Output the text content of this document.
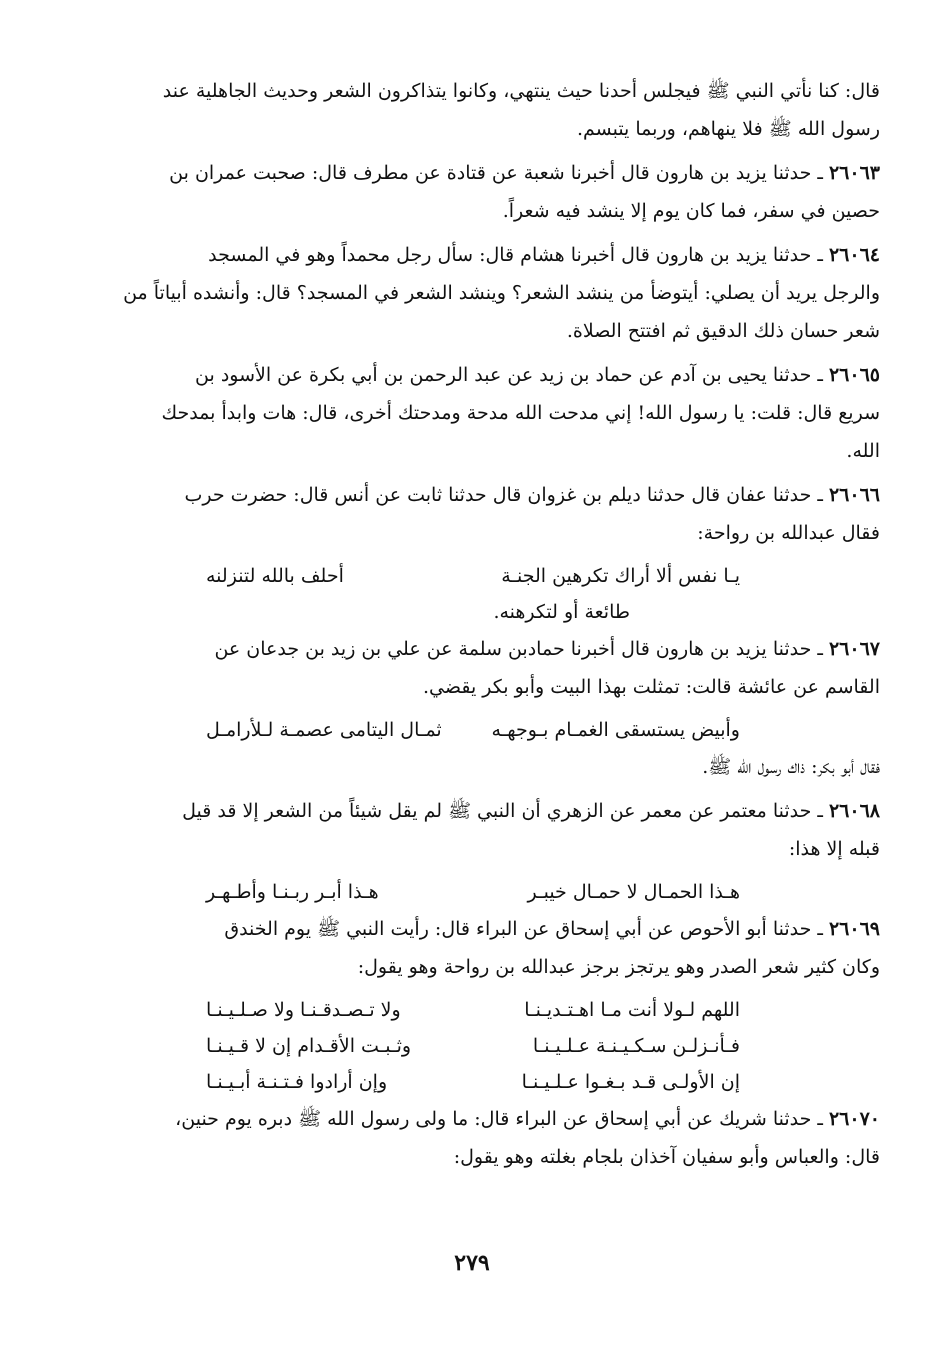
قال: كنا نأتي النبي ﷺ فيجلس أحدنا حيث ينتهي، وكانوا يتذاكرون الشعر وحديث الجاهلية عند
رسول الله ﷺ فلا ينهاهم، وربما يتبسم.

٢٦٠٦٣ـ حدثنا يزيد بن هارون قال أخبرنا شعبة عن قتادة عن مطرف قال: صحبت عمران بن
حصين في سفر، فما كان يوم إلا ينشد فيه شعراً.

٢٦٠٦٤ـ حدثنا يزيد بن هارون قال أخبرنا هشام قال: سأل رجل محمداً وهو في المسجد
والرجل يريد أن يصلي: أيتوضأ من ينشد الشعر؟ وينشد الشعر في المسجد؟ قال: وأنشده أبياتاً من
شعر حسان ذلك الدقيق ثم افتتح الصلاة.

٢٦٠٦٥ـ حدثنا يحيى بن آدم عن حماد بن زيد عن عبد الرحمن بن أبي بكرة عن الأسود بن
سريع قال: قلت: يا رسول الله! إني مدحت الله مدحة ومدحتك أخرى، قال: هات وابدأ بمدحك
الله.

٢٦٠٦٦ـ حدثنا عفان قال حدثنا ديلم بن غزوان قال حدثنا ثابت عن أنس قال: حضرت حرب
فقال عبدالله بن رواحة:

يـا نفس ألا أراك تكرهين الجنـة
أحلف بالله لتنزلنه
طائعة أو لتكرهنه.

٢٦٠٦٧ـ حدثنا يزيد بن هارون قال أخبرنا حمادبن سلمة عن علي بن زيد بن جدعان عن
القاسم عن عائشة قالت: تمثلت بهذا البيت وأبو بكر يقضي.

وأبيض يستسقى الغمـام بـوجهـه
ثمـال اليتامى عصمـة لـلأرامـل

فقال أبو بكر: ذاك رسول الله ﷺ.

٢٦٠٦٨ـ حدثنا معتمر عن معمر عن الزهري أن النبي ﷺ لم يقل شيئاً من الشعر إلا قد قيل
قبله إلا هذا:

هـذا الحمـال لا حمـال خيبـر
هـذا أبـر ربـنـا وأطـهـر

٢٦٠٦٩ـ حدثنا أبو الأحوص عن أبي إسحاق عن البراء قال: رأيت النبي ﷺ يوم الخندق
وكان كثير شعر الصدر وهو يرتجز برجز عبدالله بن رواحة وهو يقول:

اللهم لـولا أنت مـا اهـتـديـنـا
ولا تـصـدقـنـا ولا صـلـيـنـا
فـأنـزلـن سـكـيـنـة عـلـيـنـا
وثـبـت الأقـدام إن لا قـيـنـا
إن الأولـى قـد بـغـوا عـلـيـنـا
وإن أرادوا فـتـنـة أبـيـنـا

٢٦٠٧٠ـ حدثنا شريك عن أبي إسحاق عن البراء قال: ما ولى رسول الله ﷺ دبره يوم حنين،
قال: والعباس وأبو سفيان آخذان بلجام بغلته وهو يقول:

٢٧٩
